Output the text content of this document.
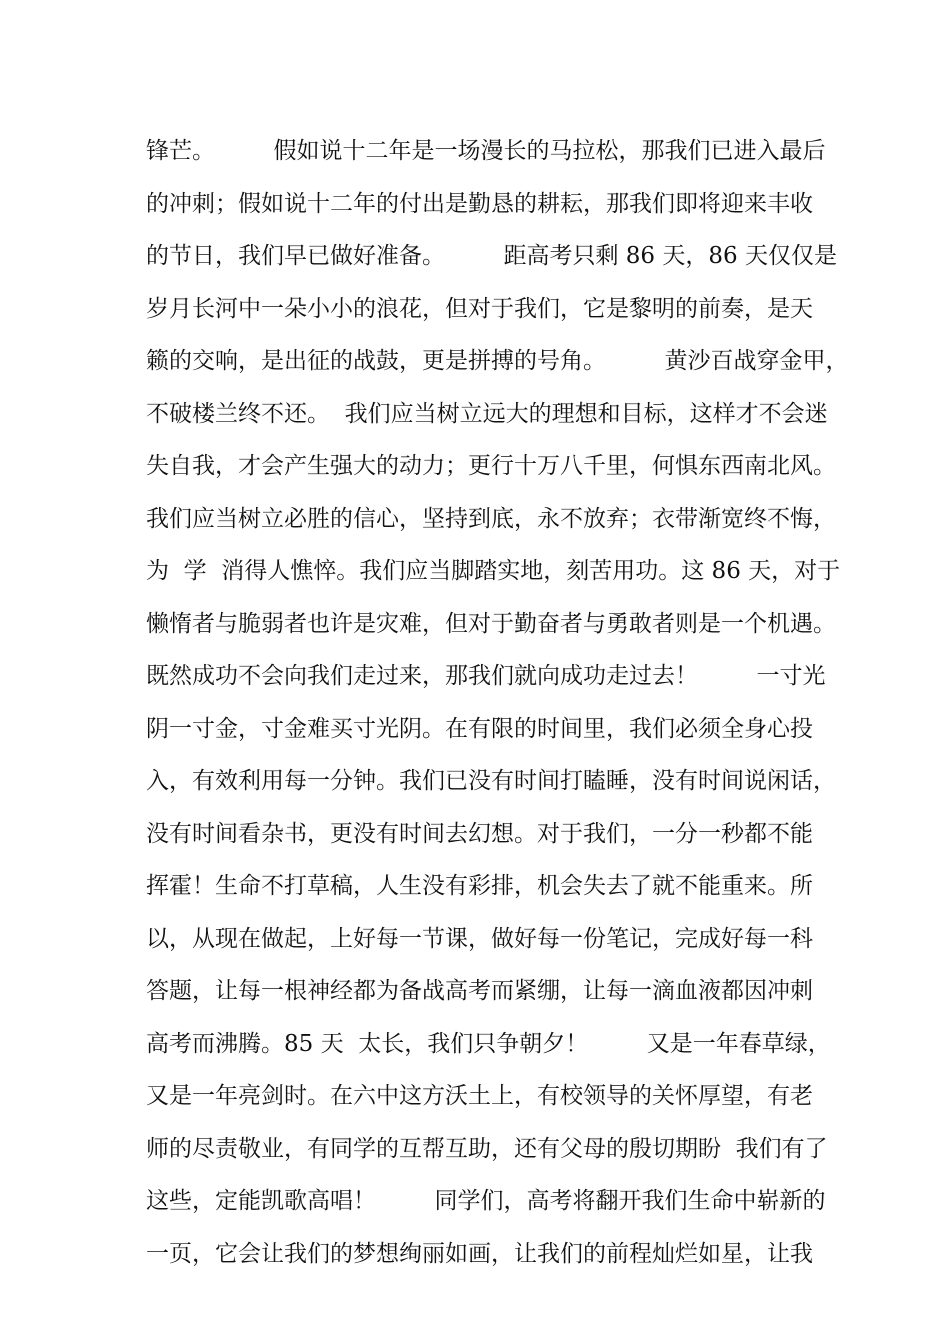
锋芒。        假如说十二年是一场漫长的马拉松，那我们已进入最后
的冲刺；假如说十二年的付出是勤恳的耕耘，那我们即将迎来丰收
的节日，我们早已做好准备。        距高考只剩 86 天，86 天仅仅是
岁月长河中一朵小小的浪花，但对于我们，它是黎明的前奏，是天
籁的交响，是出征的战鼓，更是拼搏的号角。        黄沙百战穿金甲，
不破楼兰终不还。  我们应当树立远大的理想和目标，这样才不会迷
失自我，才会产生强大的动力；更行十万八千里，何惧东西南北风。
我们应当树立必胜的信心，坚持到底，永不放弃；衣带渐宽终不悔，
为  学  消得人憔悴。我们应当脚踏实地，刻苦用功。这 86 天，对于
懒惰者与脆弱者也许是灾难，但对于勤奋者与勇敢者则是一个机遇。
既然成功不会向我们走过来，那我们就向成功走过去！        一寸光
阴一寸金，寸金难买寸光阴。在有限的时间里，我们必须全身心投
入，有效利用每一分钟。我们已没有时间打瞌睡，没有时间说闲话，
没有时间看杂书，更没有时间去幻想。对于我们，一分一秒都不能
挥霍！生命不打草稿，人生没有彩排，机会失去了就不能重来。所
以，从现在做起，上好每一节课，做好每一份笔记，完成好每一科
答题，让每一根神经都为备战高考而紧绷，让每一滴血液都因冲刺
高考而沸腾。85 天  太长，我们只争朝夕！        又是一年春草绿，
又是一年亮剑时。在六中这方沃土上，有校领导的关怀厚望，有老
师的尽责敬业，有同学的互帮互助，还有父母的殷切期盼  我们有了
这些，定能凯歌高唱！        同学们，高考将翻开我们生命中崭新的
一页，它会让我们的梦想绚丽如画，让我们的前程灿烂如星，让我
